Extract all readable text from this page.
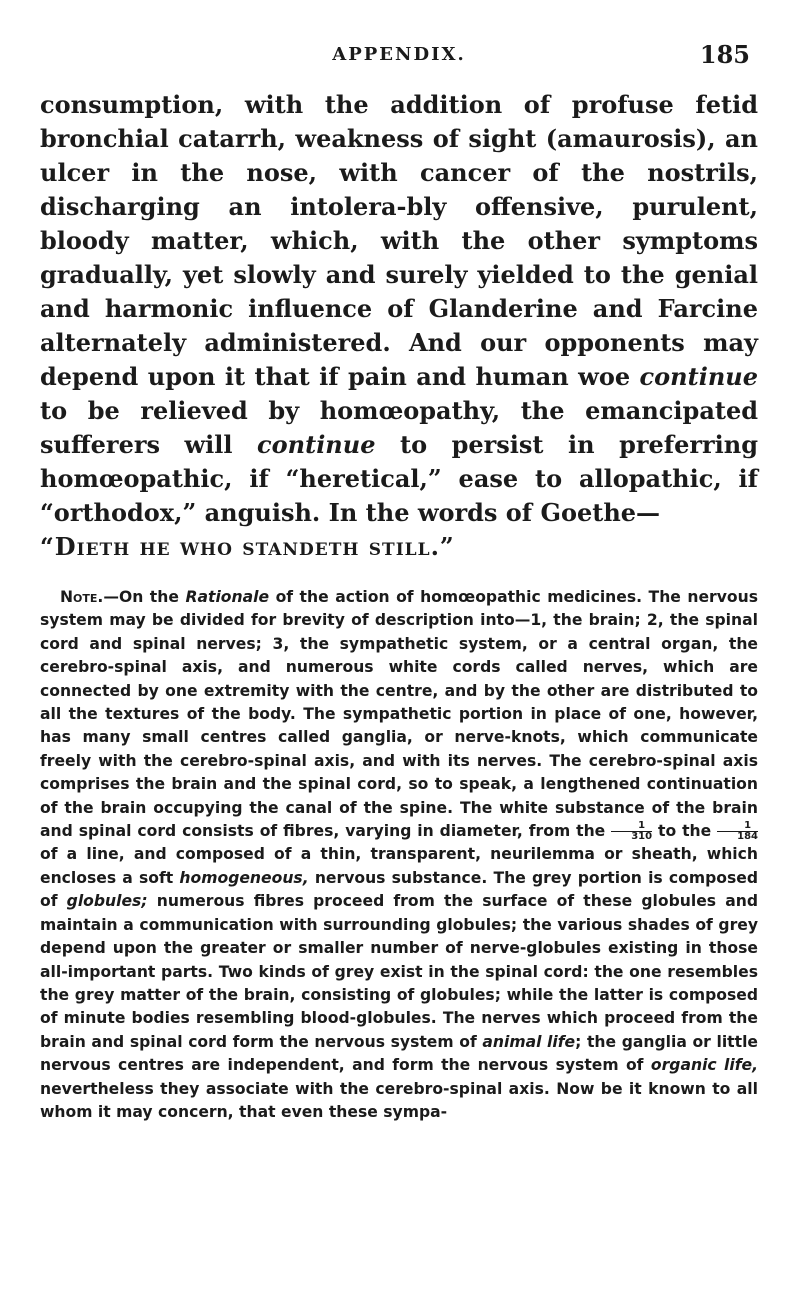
APPENDIX.	185

consumption, with the addition of profuse fetid bronchial catarrh, weakness of sight (amaurosis), an ulcer in the nose, with cancer of the nostrils, discharging an intolera-bly offensive, purulent, bloody matter, which, with the other symptoms gradually, yet slowly and surely yielded to the genial and harmonic influence of Glanderine and Farcine alternately administered. And our opponents may depend upon it that if pain and human woe continue to be relieved by homœopathy, the emancipated sufferers will continue to persist in preferring homœopathic, if “heretical,” ease to allopathic, if “orthodox,” anguish. In the words of Goethe—

“Dieth he who standeth still.”

Note.—On the Rationale of the action of homœopathic medicines. The nervous system may be divided for brevity of description into—1, the brain; 2, the spinal cord and spinal nerves; 3, the sympathetic system, or a central organ, the cerebro-spinal axis, and numerous white cords called nerves, which are connected by one extremity with the centre, and by the other are distributed to all the textures of the body. The sympathetic portion in place of one, however, has many small centres called ganglia, or nerve-knots, which communicate freely with the cerebro-spinal axis, and with its nerves. The cerebro-spinal axis comprises the brain and the spinal cord, so to speak, a lengthened continuation of the brain occupying the canal of the spine. The white substance of the brain and spinal cord consists of fibres, varying in diameter, from the $\frac{1}{310}$ to the $\frac{1}{184}$
of a line, and composed of a thin, transparent, neurilemma or sheath, which encloses a soft homogeneous, nervous substance. The grey portion is composed of globules; numerous fibres proceed from the surface of these globules and maintain a communication with surrounding globules; the various shades of grey depend upon the greater or smaller number of nerve-globules existing in those all-important parts. Two kinds of grey exist in the spinal cord: the one resembles the grey matter of the brain, consisting of globules; while the latter is composed of minute bodies resembling blood-globules. The nerves which proceed from the brain and spinal cord form the nervous system of animal life; the ganglia or little nervous centres are independent, and form the nervous system of organic life, nevertheless they associate with the cerebro-spinal axis. Now be it known to all whom it may concern, that even these sympa-
